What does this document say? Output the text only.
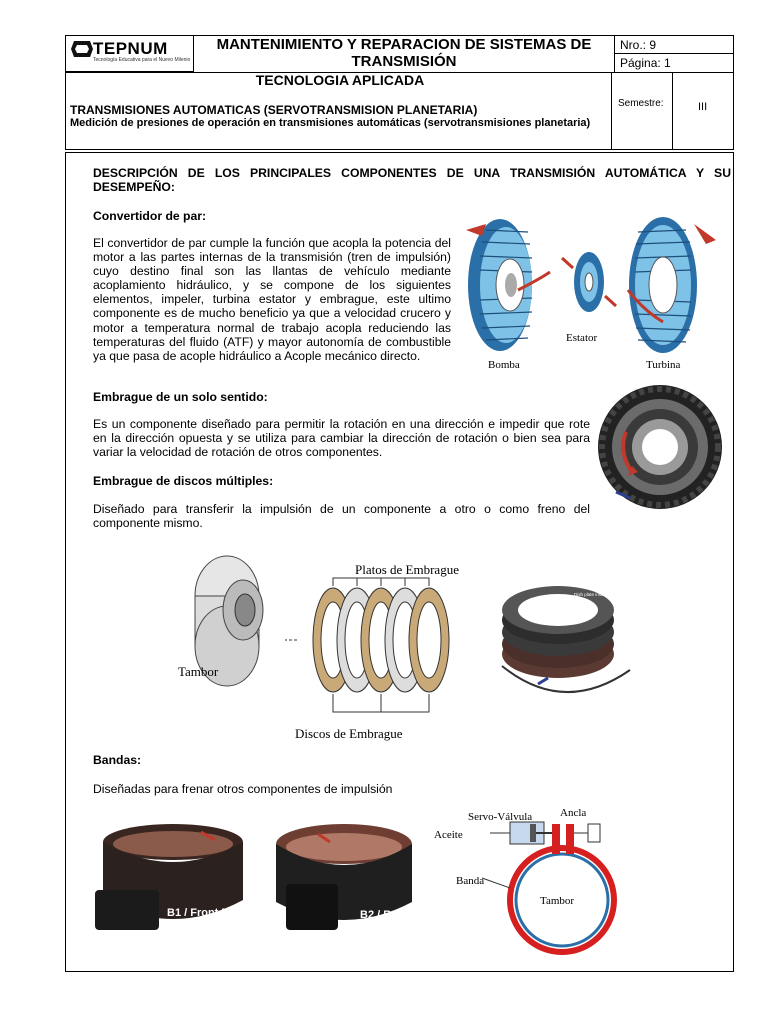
TEPNUM
Tecnología Educativa para el Nuevo Milenio
MANTENIMIENTO Y REPARACION DE SISTEMAS DE TRANSMISIÓN
Nro.: 9
Página: 1
TECNOLOGIA APLICADA
Semestre:	III
TRANSMISIONES AUTOMATICAS (SERVOTRANSMISION PLANETARIA)
Medición de presiones de operación en transmisiones automáticas (servotransmisiones planetaria)
DESCRIPCIÓN DE LOS PRINCIPALES COMPONENTES DE UNA TRANSMISIÓN AUTOMÁTICA Y SU DESEMPEÑO:
Convertidor de par:
El convertidor de par cumple la función que acopla la potencia del motor a las partes internas de la transmisión (tren de impulsión) cuyo destino final son las llantas de vehículo mediante acoplamiento hidráulico, y se compone de los siguientes elementos, impeler, turbina estator y embrague, este ultimo componente es de mucho beneficio ya que a velocidad crucero y motor a temperatura normal de trabajo acopla reduciendo las temperaturas del fluido (ATF) y mayor autonomía de combustible ya que pasa de acople hidráulico a Acople mecánico directo.
Embrague de un solo sentido:
Es un componente diseñado para permitir la rotación en una dirección e impedir que rote en la dirección opuesta y se utiliza para cambiar la dirección de rotación o bien sea para variar la velocidad de rotación de otros componentes.
Embrague de discos múltiples:
Diseñado para transferir la impulsión de un componente a otro o como freno del componente mismo.
Bandas:
Diseñadas para frenar otros componentes de impulsión
Bomba
Estator
Turbina
Platos de Embrague
Tambor
Discos de Embrague
Dish plate installed 1st into drum – Dish DOWN
B1 / Front Band	B2 / Rear Band
Servo-Válvula	Ancla
Aceite
Banda
Tambor
